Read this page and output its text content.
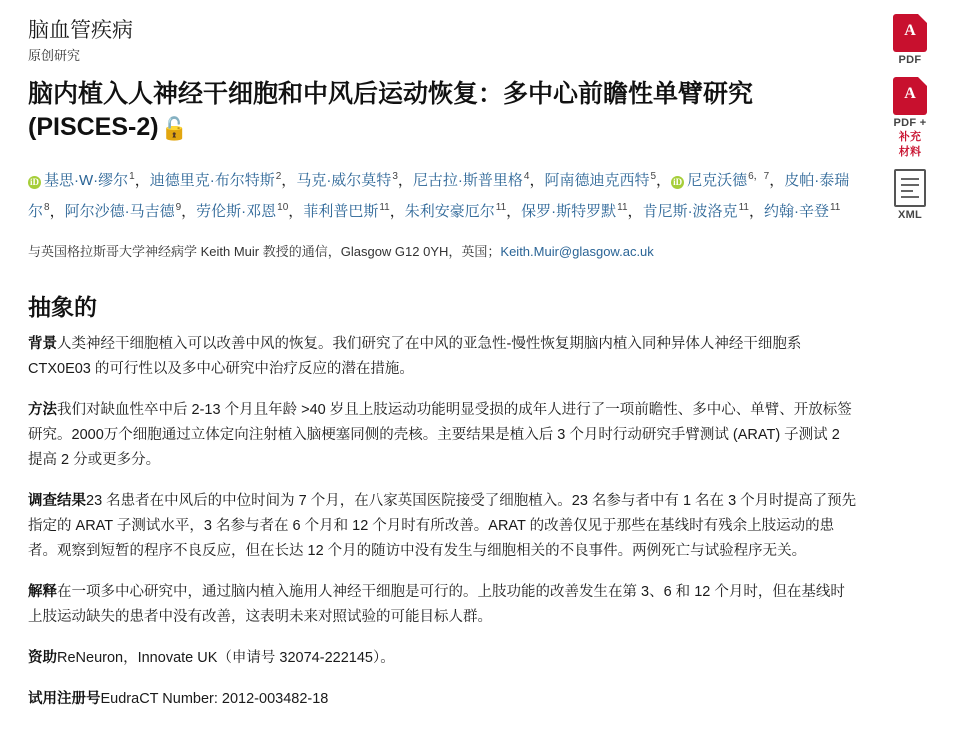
A
PDF
A
PDF +
补充
材料
XML
脑血管疾病
原创研究
脑内植入人神经干细胞和中风后运动恢复：多中心前瞻性单臂研究 (PISCES-2)🔓
iD 基思·W·缪尔$^1$，迪德里克·布尔特斯$^2$，马克·威尔莫特$^3$，尼古拉·斯普里格$^4$，阿南德迪克西特$^5$， iD 尼克沃德$^{6,7}$，皮帕·泰瑞尔$^8$，阿尔沙德·马吉德$^9$，劳伦斯·邓恩$^{10}$，菲利普巴斯$^{11}$，朱利安豪厄尔$^{11}$，保罗·斯特罗默$^{11}$，肯尼斯·波洛克$^{11}$，约翰·辛登$^{11}$
与英国格拉斯哥大学神经病学 Keith Muir 教授的通信，Glasgow G12 0YH，英国；Keith.Muir@glasgow.ac.uk
抽象的

背景人类神经干细胞植入可以改善中风的恢复。我们研究了在中风的亚急性-慢性恢复期脑内植入同种异体人神经干细胞系 CTX0E03 的可行性以及多中心研究中治疗反应的潜在措施。

方法我们对缺血性卒中后 2-13 个月且年龄 >40 岁且上肢运动功能明显受损的成年人进行了一项前瞻性、多中心、单臂、开放标签研究。2000万个细胞通过立体定向注射植入脑梗塞同侧的壳核。主要结果是植入后 3 个月时行动研究手臂测试 (ARAT) 子测试 2 提高 2 分或更多分。

调查结果23 名患者在中风后的中位时间为 7 个月，在八家英国医院接受了细胞植入。23 名参与者中有 1 名在 3 个月时提高了预先指定的 ARAT 子测试水平，3 名参与者在 6 个月和 12 个月时有所改善。ARAT 的改善仅见于那些在基线时有残余上肢运动的患者。观察到短暂的程序不良反应，但在长达 12 个月的随访中没有发生与细胞相关的不良事件。两例死亡与试验程序无关。

解释在一项多中心研究中，通过脑内植入施用人神经干细胞是可行的。上肢功能的改善发生在第 3、6 和 12 个月时，但在基线时上肢运动缺失的患者中没有改善，这表明未来对照试验的可能目标人群。

资助ReNeuron，Innovate UK（申请号 32074-222145）。

试用注册号EudraCT Number: 2012-003482-18
